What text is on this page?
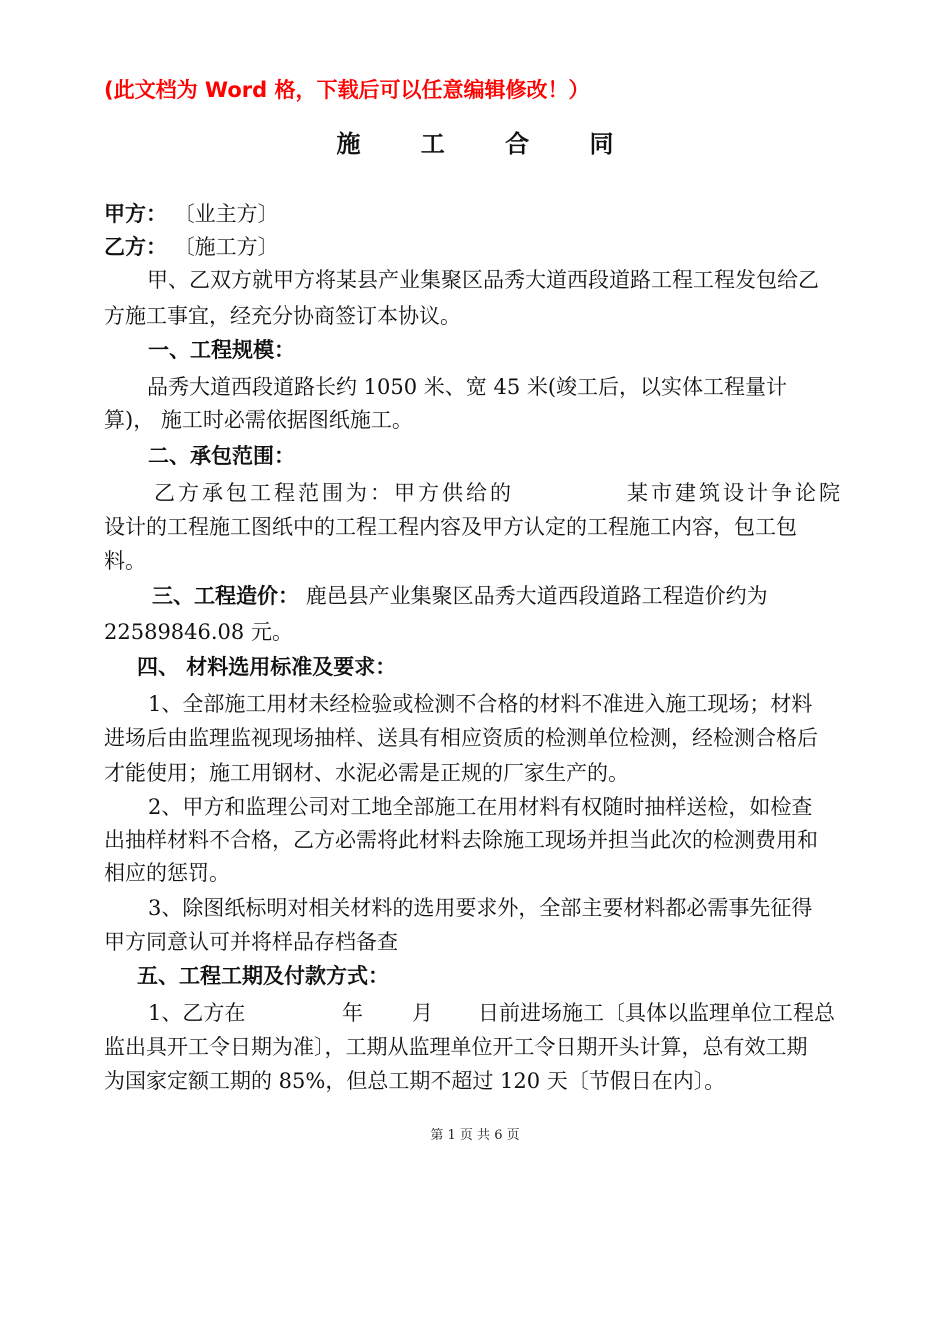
(此文档为 Word 格，下载后可以任意编辑修改！）
施 工 合 同
甲方： 〔业主方〕
乙方： 〔施工方〕
甲、乙双方就甲方将某县产业集聚区品秀大道西段道路工程工程发包给乙
方施工事宜，经充分协商签订本协议。
一、工程规模：
品秀大道西段道路长约 1050 米、宽 45 米(竣工后，以实体工程量计
算)， 施工时必需依据图纸施工。
二、承包范围：
乙方承包工程范围为：甲方供给的	某市建筑设计争论院
设计的工程施工图纸中的工程工程内容及甲方认定的工程施工内容，包工包
料。
三、工程造价： 鹿邑县产业集聚区品秀大道西段道路工程造价约为
22589846.08 元。
四、 材料选用标准及要求：
1、全部施工用材未经检验或检测不合格的材料不准进入施工现场；材料
进场后由监理监视现场抽样、送具有相应资质的检测单位检测，经检测合格后
才能使用；施工用钢材、水泥必需是正规的厂家生产的。
2、甲方和监理公司对工地全部施工在用材料有权随时抽样送检，如检查
出抽样材料不合格，乙方必需将此材料去除施工现场并担当此次的检测费用和
相应的惩罚。
3、除图纸标明对相关材料的选用要求外，全部主要材料都必需事先征得
甲方同意认可并将样品存档备查
五、工程工期及付款方式：
1、乙方在	年 月 日前进场施工〔具体以监理单位工程总
监出具开工令日期为准〕，工期从监理单位开工令日期开头计算，总有效工期
为国家定额工期的 85%，但总工期不超过 120 天〔节假日在内〕。
第 1 页 共 6 页
